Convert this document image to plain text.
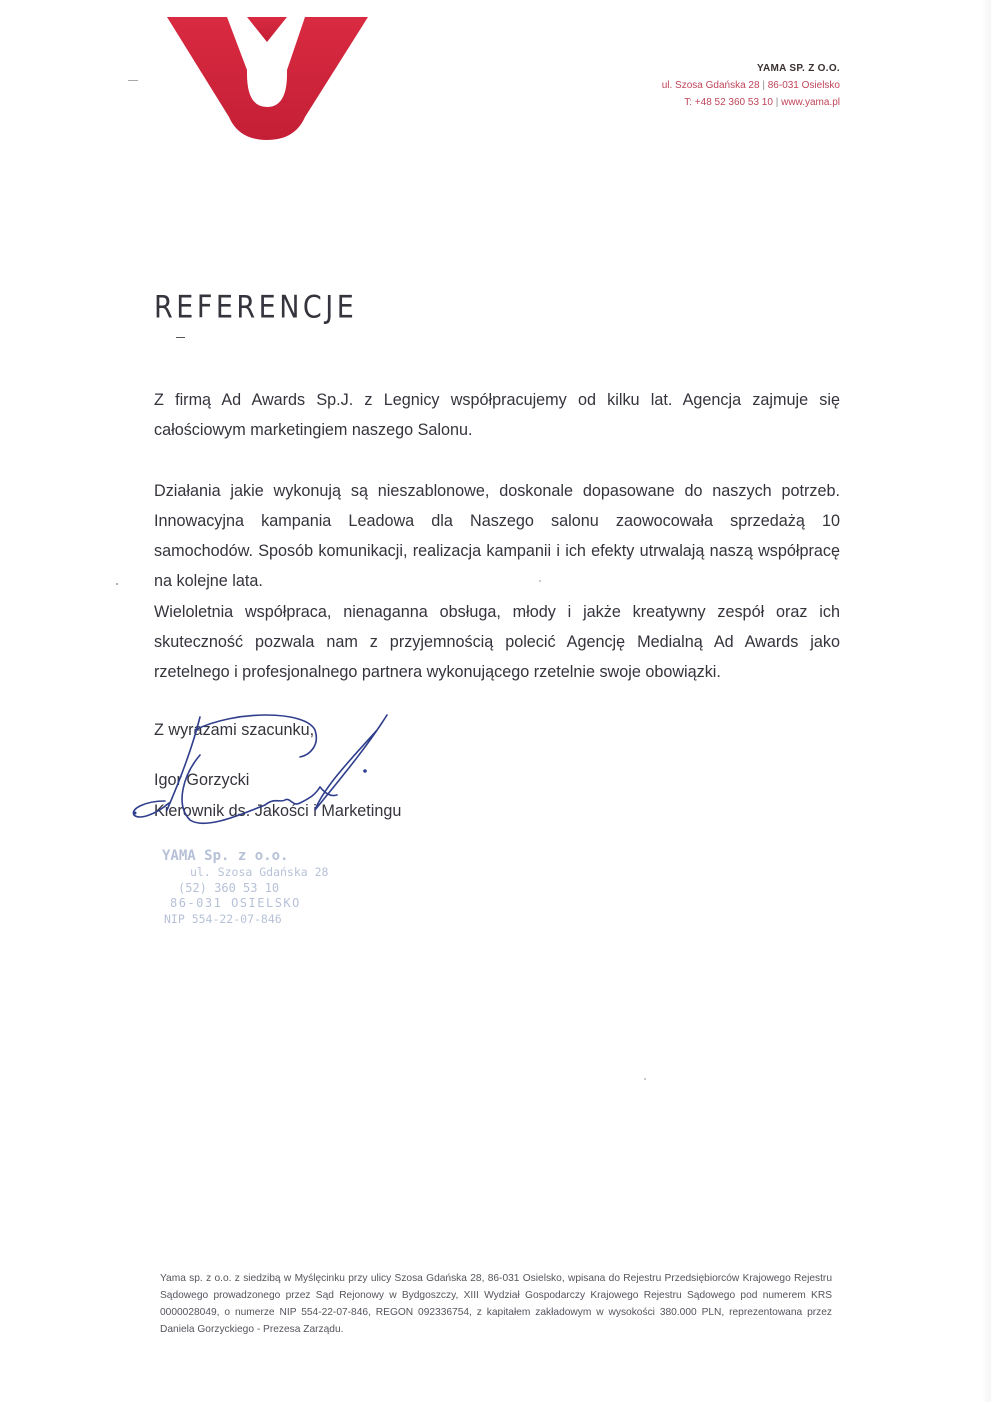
YAMA SP. Z O.O.
ul. Szosa Gdańska 28 | 86-031 Osielsko
T: +48 52 360 53 10 | www.yama.pl
REFERENCJE
Z firmą Ad Awards Sp.J. z Legnicy współpracujemy od kilku lat. Agencja zajmuje się całościowym marketingiem naszego Salonu.
Działania jakie wykonują są nieszablonowe, doskonale dopasowane do naszych potrzeb. Innowacyjna kampania Leadowa dla Naszego salonu zaowocowała sprzedażą 10 samochodów. Sposób komunikacji, realizacja kampanii i ich efekty utrwalają naszą współpracę na kolejne lata.
Wieloletnia współpraca, nienaganna obsługa, młody i jakże kreatywny zespół oraz ich skuteczność pozwala nam z przyjemnością polecić Agencję Medialną Ad Awards jako rzetelnego i profesjonalnego partnera wykonującego rzetelnie swoje obowiązki.
Z wyrazami szacunku,
Igor Gorzycki
Kierownik ds. Jakości i Marketingu
YAMA Sp. z o.o.
ul. Szosa Gdańska 28
(52) 360 53 10
86-031 OSIELSKO
NIP 554-22-07-846
Yama sp. z o.o. z siedzibą w Myślęcinku przy ulicy Szosa Gdańska 28, 86-031 Osielsko, wpisana do Rejestru Przedsiębiorców Krajowego Rejestru Sądowego prowadzonego przez Sąd Rejonowy w Bydgoszczy, XIII Wydział Gospodarczy Krajowego Rejestru Sądowego pod numerem KRS 0000028049, o numerze NIP 554-22-07-846, REGON 092336754, z kapitałem zakładowym w wysokości 380.000 PLN, reprezentowana przez Daniela Gorzyckiego - Prezesa Zarządu.
